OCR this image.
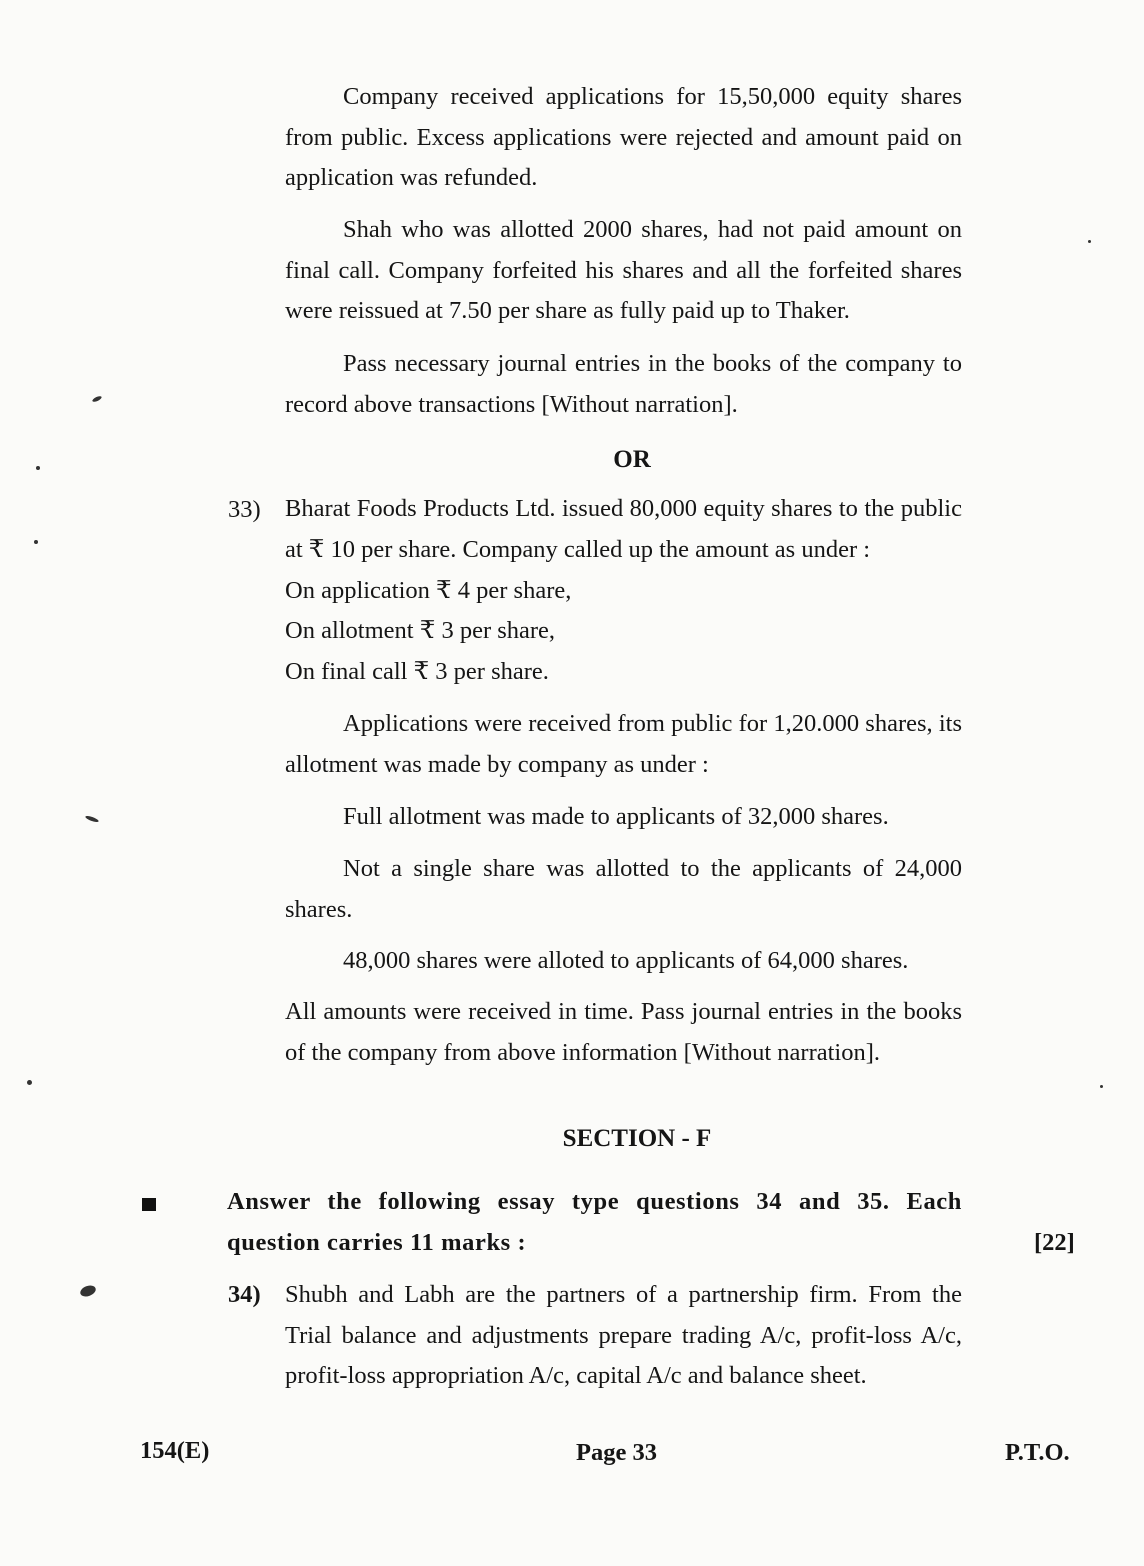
Company received applications for 15,50,000 equity shares from public. Excess applications were rejected and amount paid on application was refunded.

Shah who was allotted 2000 shares, had not paid amount on final call. Company forfeited his shares and all the forfeited shares were reissued at 7.50 per share as fully paid up to Thaker.

Pass necessary journal entries in the books of the company to record above transactions [Without narration].

OR
33) Bharat Foods Products Ltd. issued 80,000 equity shares to the public at ₹ 10 per share. Company called up the amount as under :

On application ₹ 4 per share,
On allotment ₹ 3 per share,
On final call ₹ 3 per share.

Applications were received from public for 1,20.000 shares, its allotment was made by company as under :

Full allotment was made to applicants of 32,000 shares.

Not a single share was allotted to the applicants of 24,000 shares.

48,000 shares were alloted to applicants of 64,000 shares.

All amounts were received in time. Pass journal entries in the books of the company from above information [Without narration].

SECTION - F

Answer the following essay type questions 34 and 35. Each question carries 11 marks :	[22]
34) Shubh and Labh are the partners of a partnership firm. From the Trial balance and adjustments prepare trading A/c, profit-loss A/c, profit-loss appropriation A/c, capital A/c and balance sheet.

154(E)	Page 33	P.T.O.
